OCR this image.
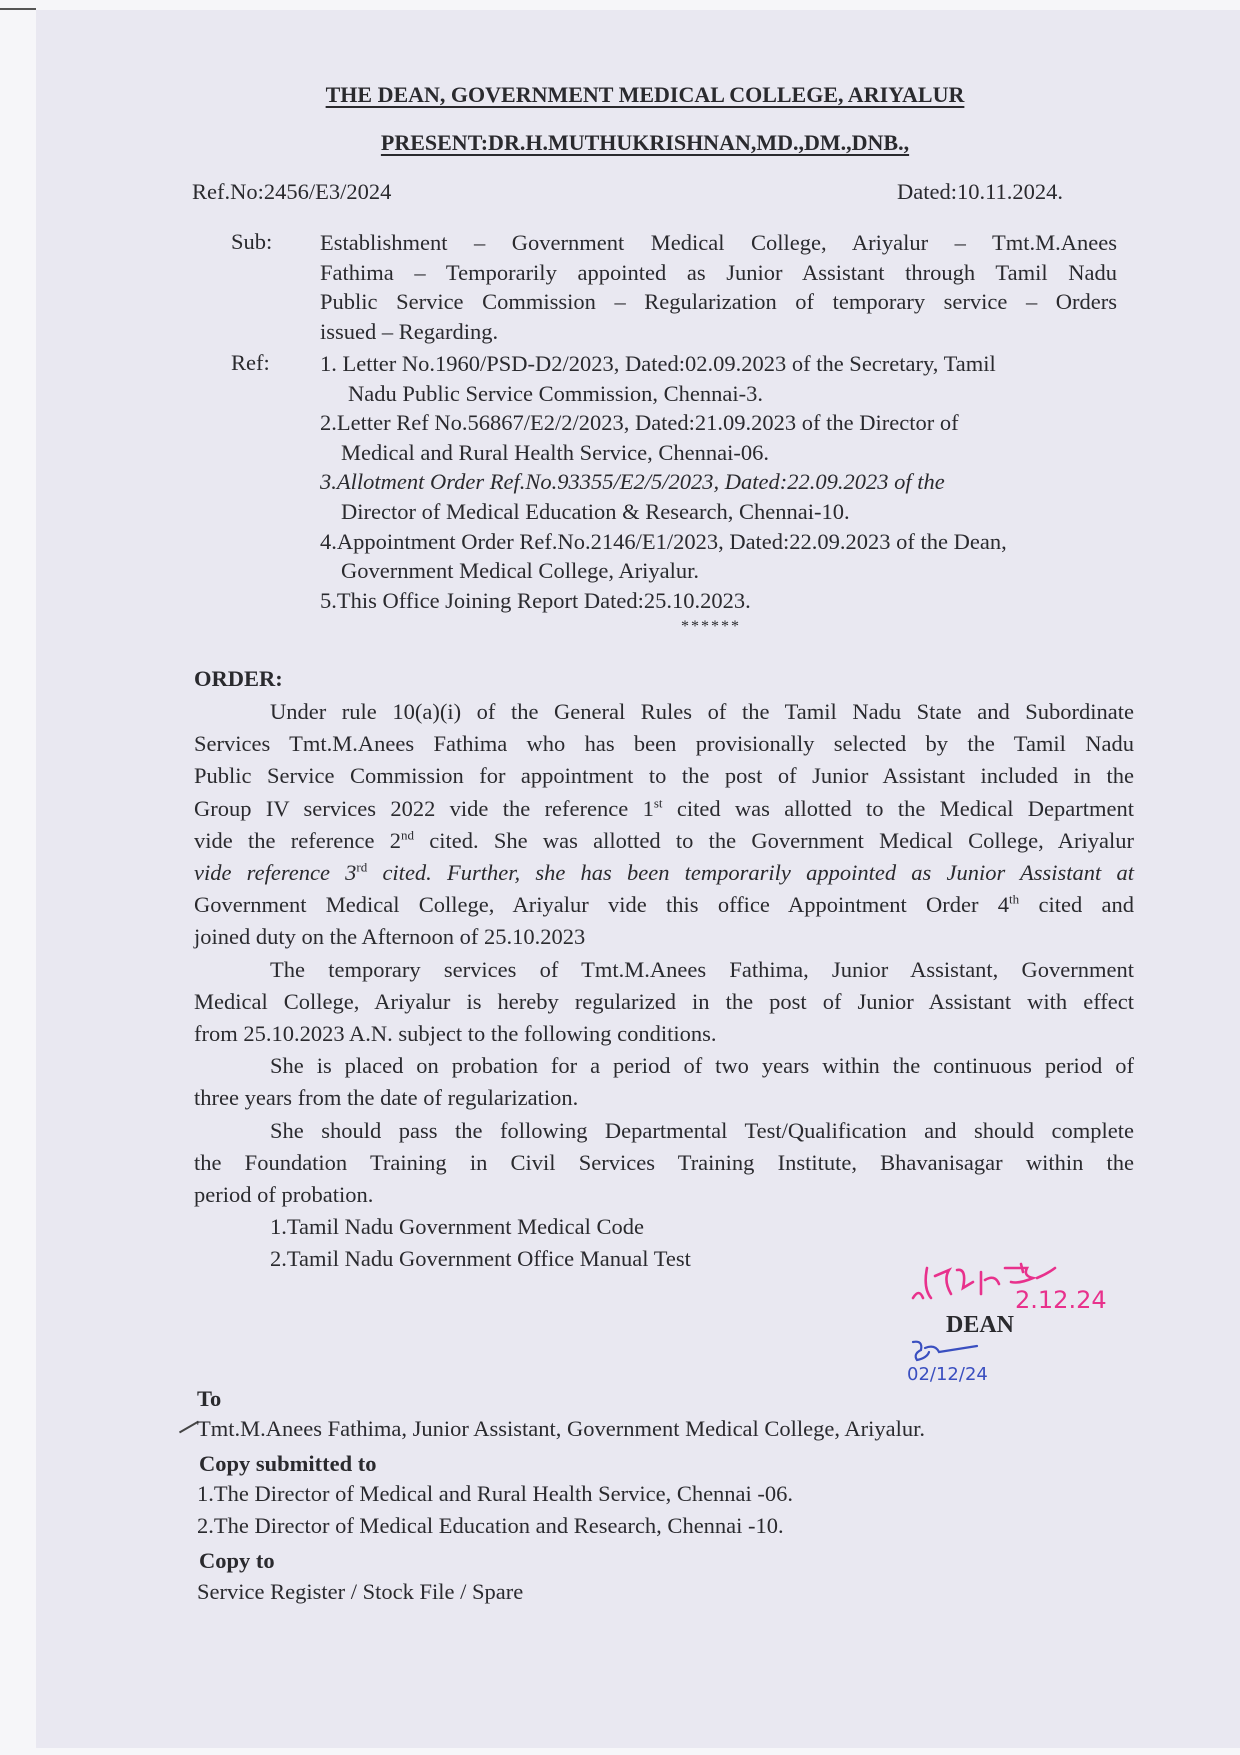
THE DEAN, GOVERNMENT MEDICAL COLLEGE, ARIYALUR
PRESENT:DR.H.MUTHUKRISHNAN,MD.,DM.,DNB.,
Ref.No:2456/E3/2024	Dated:10.11.2024.
Sub: Establishment – Government Medical College, Ariyalur – Tmt.M.Anees
Fathima – Temporarily appointed as Junior Assistant through Tamil Nadu
Public Service Commission – Regularization of temporary service – Orders
issued – Regarding.
Ref: 1. Letter No.1960/PSD-D2/2023, Dated:02.09.2023 of the Secretary, Tamil
Nadu Public Service Commission, Chennai-3.
2.Letter Ref No.56867/E2/2/2023, Dated:21.09.2023 of the Director of
Medical and Rural Health Service, Chennai-06.
3.Allotment Order Ref.No.93355/E2/5/2023, Dated:22.09.2023 of the
Director of Medical Education & Research, Chennai-10.
4.Appointment Order Ref.No.2146/E1/2023, Dated:22.09.2023 of the Dean,
Government Medical College, Ariyalur.
5.This Office Joining Report Dated:25.10.2023.
******
ORDER:
Under rule 10(a)(i) of the General Rules of the Tamil Nadu State and Subordinate
Services Tmt.M.Anees Fathima who has been provisionally selected by the Tamil Nadu
Public Service Commission for appointment to the post of Junior Assistant included in the
Group IV services 2022 vide the reference 1st cited was allotted to the Medical Department
vide the reference 2nd cited. She was allotted to the Government Medical College, Ariyalur
vide reference 3rd cited. Further, she has been temporarily appointed as Junior Assistant at
Government Medical College, Ariyalur vide this office Appointment Order 4th cited and
joined duty on the Afternoon of 25.10.2023
The temporary services of Tmt.M.Anees Fathima, Junior Assistant, Government
Medical College, Ariyalur is hereby regularized in the post of Junior Assistant with effect
from 25.10.2023 A.N. subject to the following conditions.
She is placed on probation for a period of two years within the continuous period of
three years from the date of regularization.
She should pass the following Departmental Test/Qualification and should complete
the Foundation Training in Civil Services Training Institute, Bhavanisagar within the
period of probation.
1.Tamil Nadu Government Medical Code
2.Tamil Nadu Government Office Manual Test
2.12.24
DEAN
02/12/24
To
Tmt.M.Anees Fathima, Junior Assistant, Government Medical College, Ariyalur.
Copy submitted to
1.The Director of Medical and Rural Health Service, Chennai -06.
2.The Director of Medical Education and Research, Chennai -10.
Copy to
Service Register / Stock File / Spare
